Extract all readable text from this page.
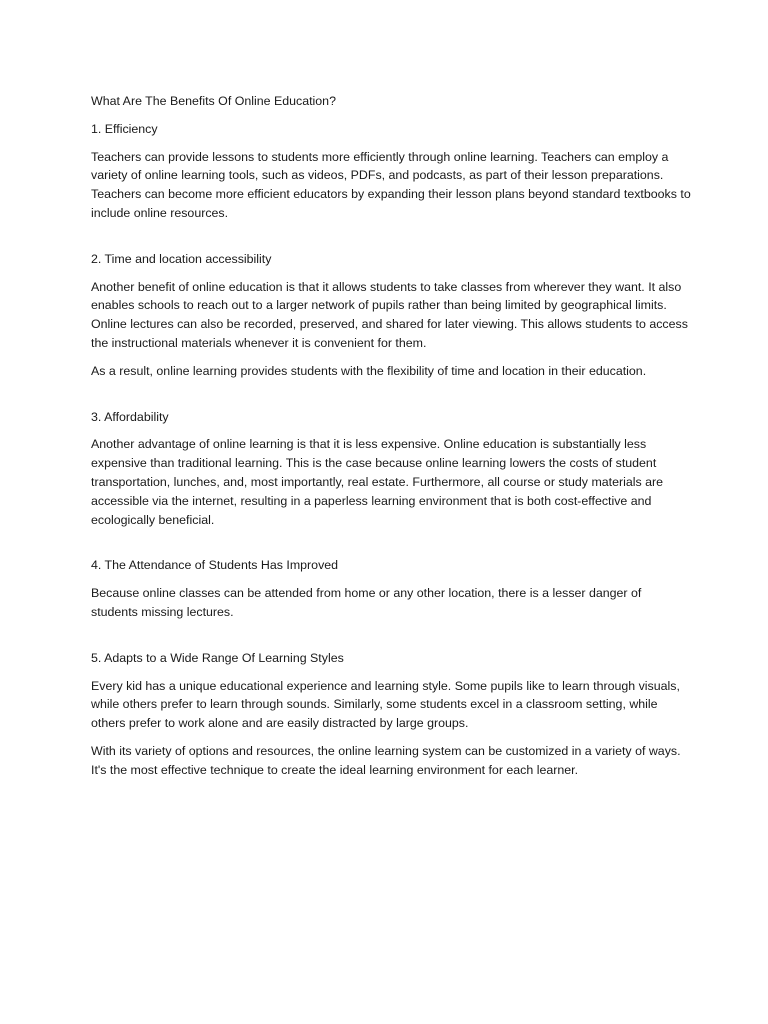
What Are The Benefits Of Online Education?

1. Efficiency

Teachers can provide lessons to students more efficiently through online learning. Teachers can employ a variety of online learning tools, such as videos, PDFs, and podcasts, as part of their lesson preparations. Teachers can become more efficient educators by expanding their lesson plans beyond standard textbooks to include online resources.

2. Time and location accessibility

Another benefit of online education is that it allows students to take classes from wherever they want. It also enables schools to reach out to a larger network of pupils rather than being limited by geographical limits. Online lectures can also be recorded, preserved, and shared for later viewing. This allows students to access the instructional materials whenever it is convenient for them.

As a result, online learning provides students with the flexibility of time and location in their education.

3. Affordability

Another advantage of online learning is that it is less expensive. Online education is substantially less expensive than traditional learning. This is the case because online learning lowers the costs of student transportation, lunches, and, most importantly, real estate. Furthermore, all course or study materials are accessible via the internet, resulting in a paperless learning environment that is both cost-effective and ecologically beneficial.

4. The Attendance of Students Has Improved

Because online classes can be attended from home or any other location, there is a lesser danger of students missing lectures.

5. Adapts to a Wide Range Of Learning Styles

Every kid has a unique educational experience and learning style. Some pupils like to learn through visuals, while others prefer to learn through sounds. Similarly, some students excel in a classroom setting, while others prefer to work alone and are easily distracted by large groups.

With its variety of options and resources, the online learning system can be customized in a variety of ways. It's the most effective technique to create the ideal learning environment for each learner.
